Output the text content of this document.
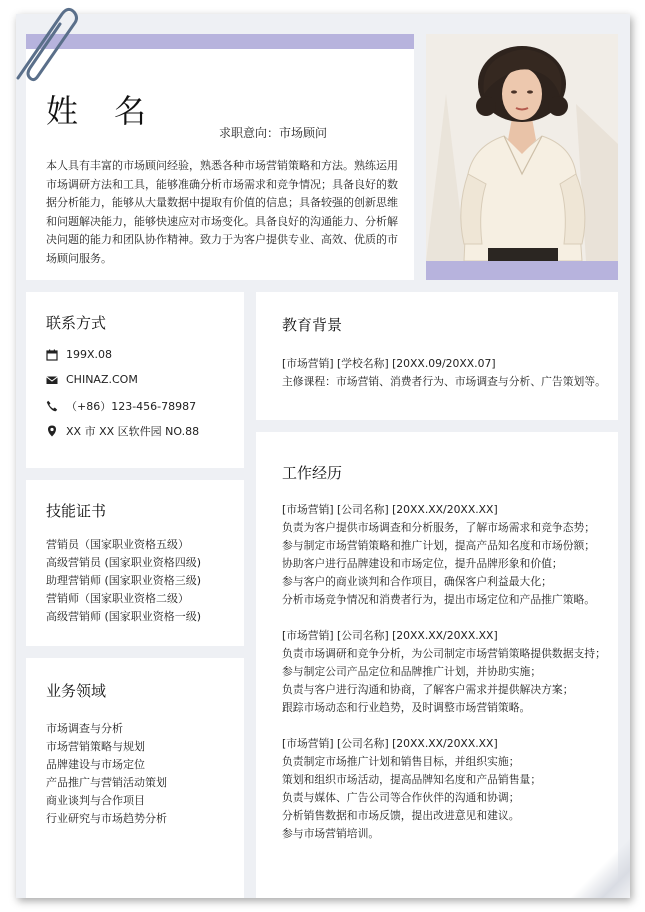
姓名
求职意向：市场顾问
本人具有丰富的市场顾问经验，熟悉各种市场营销策略和方法。熟练运用市场调研方法和工具，能够准确分析市场需求和竞争情况；具备良好的数据分析能力，能够从大量数据中提取有价值的信息；具备较强的创新思维和问题解决能力，能够快速应对市场变化。具备良好的沟通能力、分析解决问题的能力和团队协作精神。致力于为客户提供专业、高效、优质的市场顾问服务。
联系方式
199X.08
CHINAZ.COM
（+86）123-456-78987
XX 市 XX 区软件园 NO.88
技能证书
营销员（国家职业资格五级）
高级营销员 (国家职业资格四级)
助理营销师 (国家职业资格三级)
营销师（国家职业资格二级）
高级营销师 (国家职业资格一级)
业务领域
市场调查与分析
市场营销策略与规划
品牌建设与市场定位
产品推广与营销活动策划
商业谈判与合作项目
行业研究与市场趋势分析
教育背景
[市场营销] [学校名称] [20XX.09/20XX.07]
主修课程：市场营销、消费者行为、市场调查与分析、广告策划等。
工作经历
[市场营销] [公司名称] [20XX.XX/20XX.XX]
负责为客户提供市场调查和分析服务，了解市场需求和竞争态势；
参与制定市场营销策略和推广计划，提高产品知名度和市场份额；
协助客户进行品牌建设和市场定位，提升品牌形象和价值；
参与客户的商业谈判和合作项目，确保客户利益最大化；
分析市场竞争情况和消费者行为，提出市场定位和产品推广策略。
[市场营销] [公司名称] [20XX.XX/20XX.XX]
负责市场调研和竞争分析，为公司制定市场营销策略提供数据支持；
参与制定公司产品定位和品牌推广计划，并协助实施；
负责与客户进行沟通和协商，了解客户需求并提供解决方案；
跟踪市场动态和行业趋势，及时调整市场营销策略。
[市场营销] [公司名称] [20XX.XX/20XX.XX]
负责制定市场推广计划和销售目标，并组织实施；
策划和组织市场活动，提高品牌知名度和产品销售量；
负责与媒体、广告公司等合作伙伴的沟通和协调；
分析销售数据和市场反馈，提出改进意见和建议。
参与市场营销培训。
